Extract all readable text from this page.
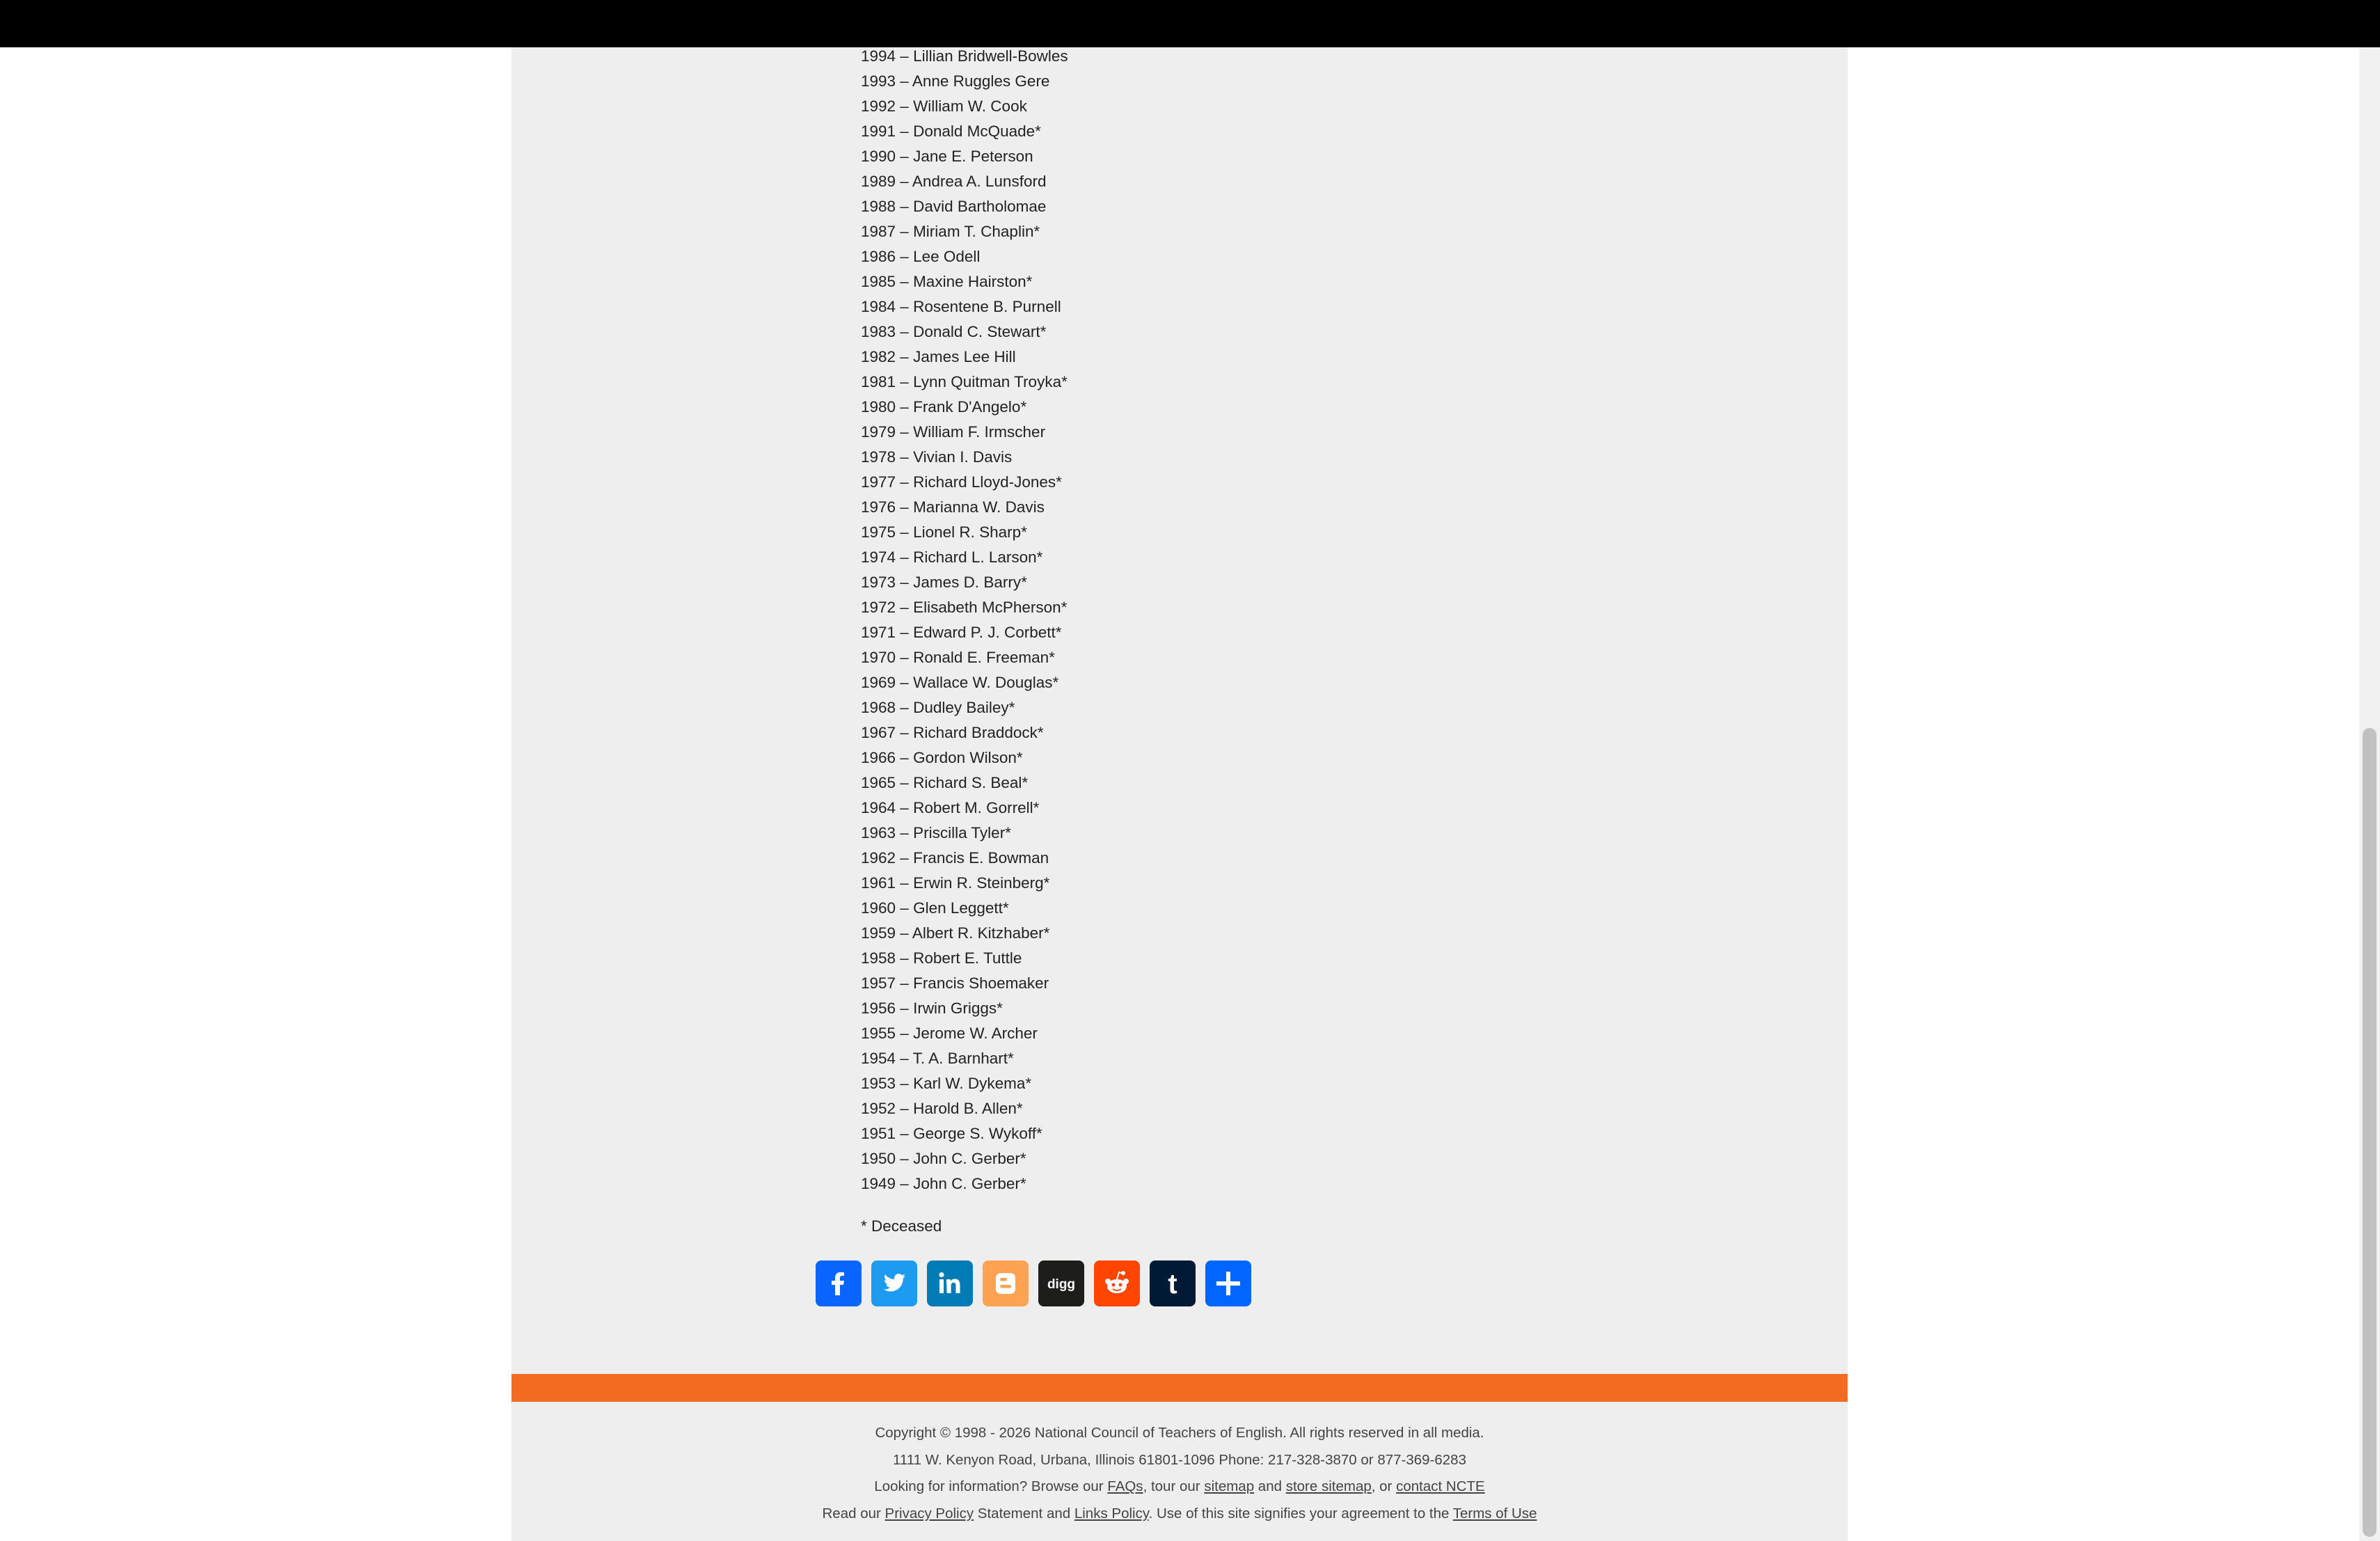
1994 – Lillian Bridwell-Bowles
1993 – Anne Ruggles Gere
1992 – William W. Cook
1991 – Donald McQuade*
1990 – Jane E. Peterson
1989 – Andrea A. Lunsford
1988 – David Bartholomae
1987 – Miriam T. Chaplin*
1986 – Lee Odell
1985 – Maxine Hairston*
1984 – Rosentene B. Purnell
1983 – Donald C. Stewart*
1982 – James Lee Hill
1981 – Lynn Quitman Troyka*
1980 – Frank D'Angelo*
1979 – William F. Irmscher
1978 – Vivian I. Davis
1977 – Richard Lloyd-Jones*
1976 – Marianna W. Davis
1975 – Lionel R. Sharp*
1974 – Richard L. Larson*
1973 – James D. Barry*
1972 – Elisabeth McPherson*
1971 – Edward P. J. Corbett*
1970 – Ronald E. Freeman*
1969 – Wallace W. Douglas*
1968 – Dudley Bailey*
1967 – Richard Braddock*
1966 – Gordon Wilson*
1965 – Richard S. Beal*
1964 – Robert M. Gorrell*
1963 – Priscilla Tyler*
1962 – Francis E. Bowman
1961 – Erwin R. Steinberg*
1960 – Glen Leggett*
1959 – Albert R. Kitzhaber*
1958 – Robert E. Tuttle
1957 – Francis Shoemaker
1956 – Irwin Griggs*
1955 – Jerome W. Archer
1954 – T. A. Barnhart*
1953 – Karl W. Dykema*
1952 – Harold B. Allen*
1951 – George S. Wykoff*
1950 – John C. Gerber*
1949 – John C. Gerber*
* Deceased
digg	t

Copyright © 1998 - 2026 National Council of Teachers of English. All rights reserved in all media.

1111 W. Kenyon Road, Urbana, Illinois 61801-1096 Phone: 217-328-3870 or 877-369-6283

Looking for information? Browse our FAQs, tour our sitemap and store sitemap, or contact NCTE

Read our Privacy Policy Statement and Links Policy. Use of this site signifies your agreement to the Terms of Use
